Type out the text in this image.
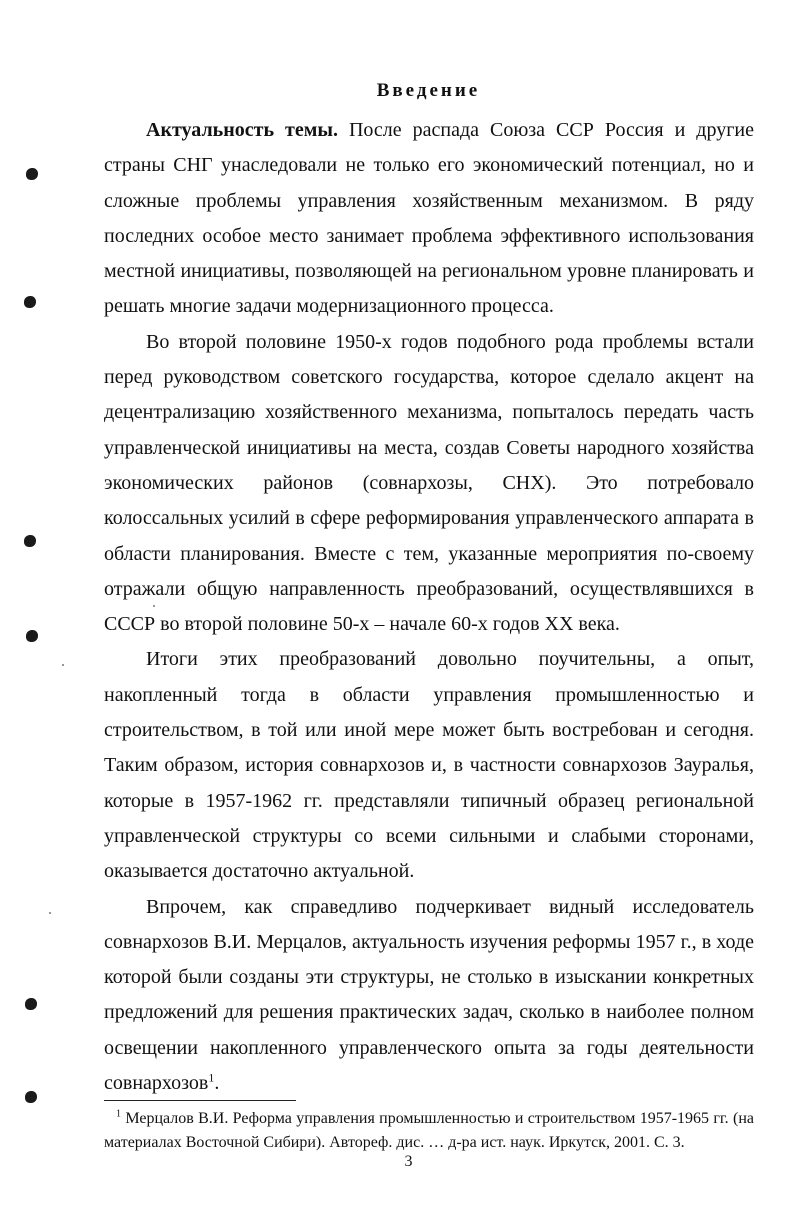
Введение

Актуальность темы. После распада Союза ССР Россия и другие страны СНГ унаследовали не только его экономический потенциал, но и сложные проблемы управления хозяйственным механизмом. В ряду последних особое место занимает проблема эффективного использования местной инициативы, позволяющей на региональном уровне планировать и решать многие задачи модернизационного процесса.

Во второй половине 1950-х годов подобного рода проблемы встали перед руководством советского государства, которое сделало акцент на децентрализацию хозяйственного механизма, попыталось передать часть управленческой инициативы на места, создав Советы народного хозяйства экономических районов (совнархозы, СНХ). Это потребовало колоссальных усилий в сфере реформирования управленческого аппарата в области планирования. Вместе с тем, указанные мероприятия по-своему отражали общую направленность преобразований, осуществлявшихся в СССР во второй половине 50-х – начале 60-х годов XX века.

Итоги этих преобразований довольно поучительны, а опыт, накопленный тогда в области управления промышленностью и строительством, в той или иной мере может быть востребован и сегодня. Таким образом, история совнархозов и, в частности совнархозов Зауралья, которые в 1957-1962 гг. представляли типичный образец региональной управленческой структуры со всеми сильными и слабыми сторонами, оказывается достаточно актуальной.

Впрочем, как справедливо подчеркивает видный исследователь совнархозов В.И. Мерцалов, актуальность изучения реформы 1957 г., в ходе которой были созданы эти структуры, не столько в изыскании конкретных предложений для решения практических задач, сколько в наиболее полном освещении накопленного управленческого опыта за годы деятельности совнархозов$^1$.

$^1$ Мерцалов В.И. Реформа управления промышленностью и строительством 1957-1965 гг. (на материалах Восточной Сибири). Автореф. дис. … д-ра ист. наук. Иркутск, 2001. С. 3.
3
